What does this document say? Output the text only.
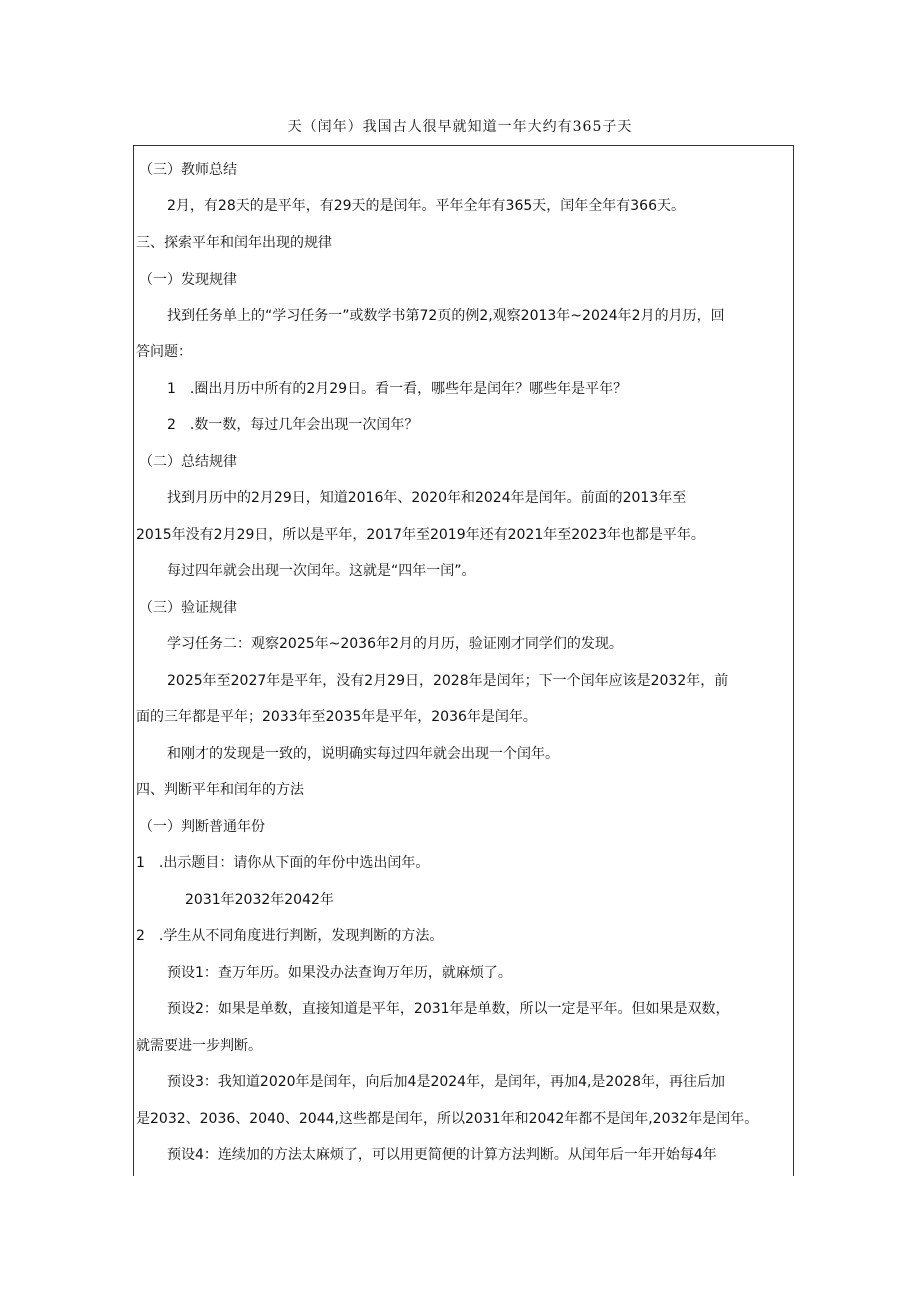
天（闰年）我国古人很早就知道一年大约有365子天
（三）教师总结
2月，有28天的是平年，有29天的是闰年。平年全年有365天，闰年全年有366天。
三、探索平年和闰年出现的规律
（一）发现规律
找到任务单上的“学习任务一”或数学书第72页的例2,观察2013年~2024年2月的月历，回
答问题：
1　.圈出月历中所有的2月29日。看一看，哪些年是闰年？哪些年是平年？
2　.数一数，每过几年会出现一次闰年？
（二）总结规律
找到月历中的2月29日，知道2016年、2020年和2024年是闰年。前面的2013年至
2015年没有2月29日，所以是平年，2017年至2019年还有2021年至2023年也都是平年。
每过四年就会出现一次闰年。这就是“四年一闰”。
（三）验证规律
学习任务二：观察2025年~2036年2月的月历，验证刚才同学们的发现。
2025年至2027年是平年，没有2月29日，2028年是闰年；下一个闰年应该是2032年，前
面的三年都是平年；2033年至2035年是平年，2036年是闰年。
和刚才的发现是一致的，说明确实每过四年就会出现一个闰年。
四、判断平年和闰年的方法
（一）判断普通年份
1　.出示题目：请你从下面的年份中选出闰年。
2031年2032年2042年
2　.学生从不同角度进行判断，发现判断的方法。
预设1：查万年历。如果没办法查询万年历，就麻烦了。
预设2：如果是单数，直接知道是平年，2031年是单数，所以一定是平年。但如果是双数，
就需要进一步判断。
预设3：我知道2020年是闰年，向后加4是2024年，是闰年，再加4,是2028年，再往后加
是2032、2036、2040、2044,这些都是闰年，所以2031年和2042年都不是闰年,2032年是闰年。
预设4：连续加的方法太麻烦了，可以用更简便的计算方法判断。从闰年后一年开始每4年
